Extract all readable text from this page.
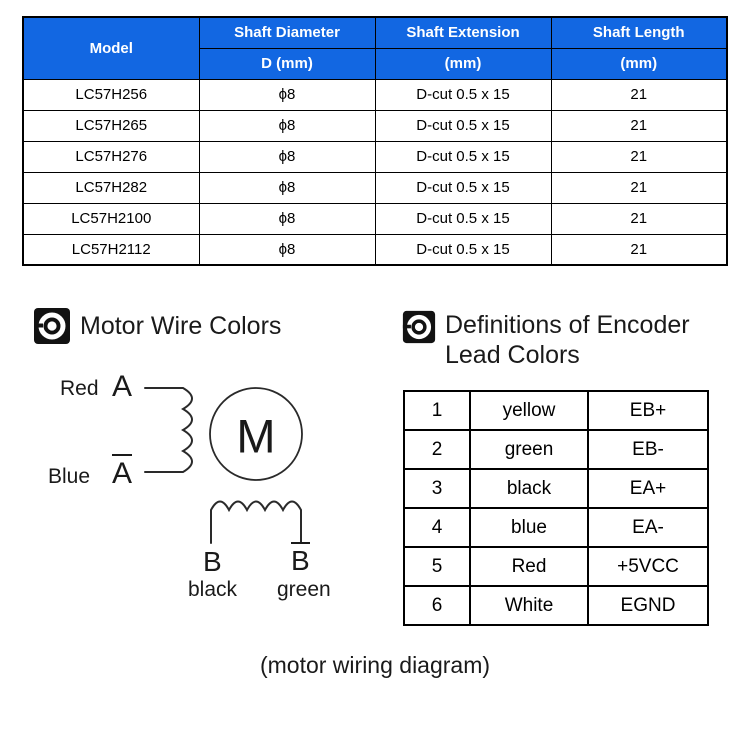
Model	Shaft Diameter	Shaft Extension	Shaft Length
	D (mm)	(mm)	(mm)
LC57H256	ϕ8	D-cut 0.5 x 15	21
LC57H265	ϕ8	D-cut 0.5 x 15	21
LC57H276	ϕ8	D-cut 0.5 x 15	21
LC57H282	ϕ8	D-cut 0.5 x 15	21
LC57H2100	ϕ8	D-cut 0.5 x 15	21
LC57H2112	ϕ8	D-cut 0.5 x 15	21
Motor Wire Colors	Definitions of Encoder
Lead Colors
M
Red A
Blue A
B B
black green
1	yellow	EB+
2	green	EB-
3	black	EA+
4	blue	EA-
5	Red	+5VCC
6	White	EGND
(motor wiring diagram)
